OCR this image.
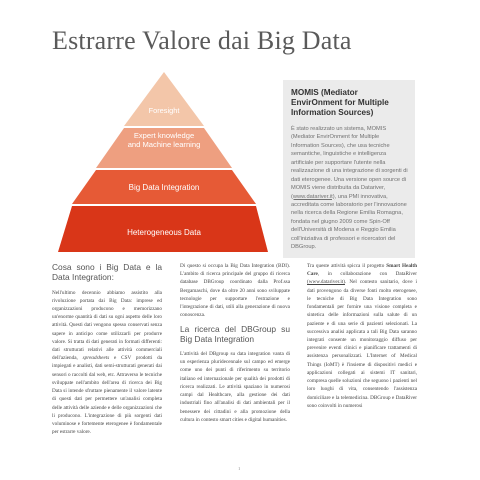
Estrarre Valore dai Big Data
Foresight
Expert knowledge
and Machine learning
Big Data Integration
Heterogeneous Data
MOMIS (Mediator EnvirOnment for Multiple Information Sources)

È stato realizzato un sistema, MOMIS (Mediator EnvirOnment for Multiple Information Sources), che usa tecniche semantiche, linguistiche e intelligenza artificiale per supportare l'utente nella realizzazione di una integrazione di sorgenti di dati eterogenee. Una versione open source di MOMIS viene distribuita da Datariver, (www.datariver.it), una PMI innovativa, accreditata come laboratorio per l'innovazione nella ricerca della Regione Emilia Romagna, fondata nel giugno 2009 come Spin-Off dell'Università di Modena e Reggio Emilia coll'iniziativa di professori e ricercatori del DBGroup.

Cosa sono i Big Data e la Data Integration:

Nell'ultimo decennio abbiamo assistito alla rivoluzione portata dai Big Data: imprese ed organizzazioni producono e memorizzano un'enorme quantità di dati su ogni aspetto delle loro attività. Questi dati vengono spesso conservati senza sapere in anticipo come utilizzarli per produrre valore. Si tratta di dati generati in formati differenti: dati strutturati relativi alle attività commerciali dell'azienda, spreadsheets e CSV prodotti da impiegati e analisti, dati semi-strutturati generati dai sensori o raccolti dal web, etc. Attraverso le tecniche sviluppate nell'ambito dell'area di ricerca dei Big Data si intende sfruttare pienamente il valore latente di questi dati per permettere un'analisi completa delle attività delle aziende e delle organizzazioni che li producono. L'integrazione di più sorgenti dati voluminose e fortemente eterogenee è fondamentale per estrarre valore.

Di questo si occupa la Big Data Integration (BDI). L'ambito di ricerca principale del gruppo di ricerca database DBGroup coordinato dalla Prof.ssa Bergamaschi, dove da oltre 20 anni sono sviluppate tecnologie per supportare l'estrazione e l'integrazione di dati, utili alla generazione di nuova conoscenza.

La ricerca del DBGroup su Big Data Integration

L'attività del DBgroup su data integration vanta di un esperienza pluridecennale sul campo ed emerge come uno dei punti di riferimento su territorio italiano ed internazionale per qualità dei prodotti di ricerca realizzati. Le attività spaziano in numerosi campi dal Healthcare, alla gestione dei dati industriali fino all'analisi di dati ambientali per il benessere dei cittadini e alla promozione della cultura in contesto smart cities e digital humanities.

Tra queste attività spicca il progetto Smart Health Care, in collaborazione con DataRiver (www.datariver.it). Nel contesto sanitario, dove i dati provengono da diverse fonti molto eterogenee, le tecniche di Big Data Integration sono fondamentali per fornire una visione completa e sintetica delle informazioni sulla salute di un paziente e di una serie di pazienti selezionati. La successiva analisi applicata a tali Big Data saranno integrati consente un monitoraggio diffuso per prevenire eventi clinici e pianificare trattamenti di assistenza personalizzati. L'Internet of Medical Things (IoMT) è l'insieme di dispositivi medici e applicazioni collegati ai sistemi IT sanitari, compresa quelle soluzioni che seguono i pazienti nel loro luoghi di vita, consentendo l'assistenza domiciliare e la telemedicina. DBGroup e DataRiver sono coinvolti in numerosi

1
